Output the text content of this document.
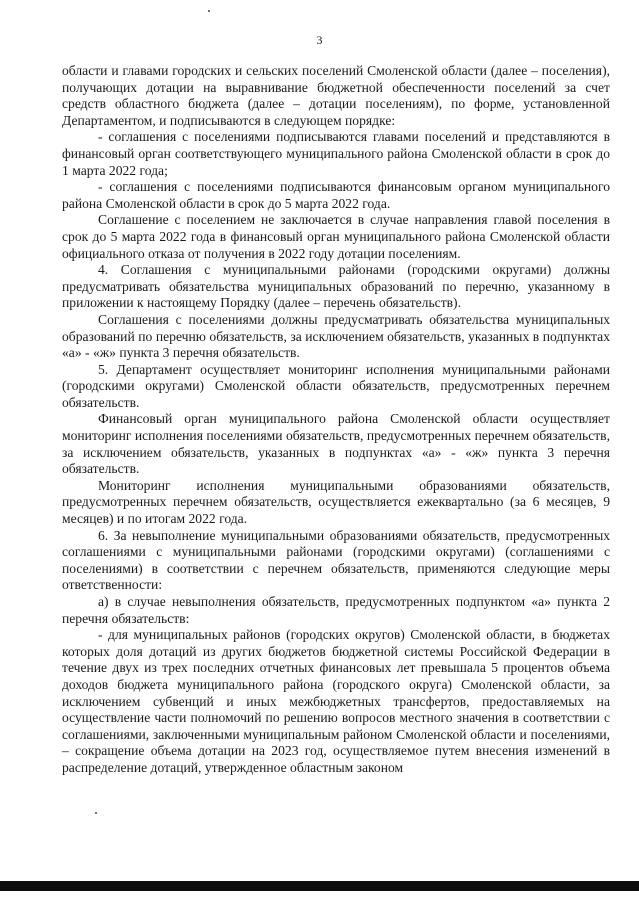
3

области и главами городских и сельских поселений Смоленской области (далее – поселения), получающих дотации на выравнивание бюджетной обеспеченности поселений за счет средств областного бюджета (далее – дотации поселениям), по форме, установленной Департаментом, и подписываются в следующем порядке:

- соглашения с поселениями подписываются главами поселений и представляются в финансовый орган соответствующего муниципального района Смоленской области в срок до 1 марта 2022 года;

- соглашения с поселениями подписываются финансовым органом муниципального района Смоленской области в срок до 5 марта 2022 года.

Соглашение с поселением не заключается в случае направления главой поселения в срок до 5 марта 2022 года в финансовый орган муниципального района Смоленской области официального отказа от получения в 2022 году дотации поселениям.

4. Соглашения с муниципальными районами (городскими округами) должны предусматривать обязательства муниципальных образований по перечню, указанному в приложении к настоящему Порядку (далее – перечень обязательств).

Соглашения с поселениями должны предусматривать обязательства муниципальных образований по перечню обязательств, за исключением обязательств, указанных в подпунктах «а» - «ж» пункта 3 перечня обязательств.

5. Департамент осуществляет мониторинг исполнения муниципальными районами (городскими округами) Смоленской области обязательств, предусмотренных перечнем обязательств.

Финансовый орган муниципального района Смоленской области осуществляет мониторинг исполнения поселениями обязательств, предусмотренных перечнем обязательств, за исключением обязательств, указанных в подпунктах «а» - «ж» пункта 3 перечня обязательств.

Мониторинг исполнения муниципальными образованиями обязательств, предусмотренных перечнем обязательств, осуществляется ежеквартально (за 6 месяцев, 9 месяцев) и по итогам 2022 года.

6. За невыполнение муниципальными образованиями обязательств, предусмотренных соглашениями с муниципальными районами (городскими округами) (соглашениями с поселениями) в соответствии с перечнем обязательств, применяются следующие меры ответственности:

а) в случае невыполнения обязательств, предусмотренных подпунктом «а» пункта 2 перечня обязательств:

- для муниципальных районов (городских округов) Смоленской области, в бюджетах которых доля дотаций из других бюджетов бюджетной системы Российской Федерации в течение двух из трех последних отчетных финансовых лет превышала 5 процентов объема доходов бюджета муниципального района (городского округа) Смоленской области, за исключением субвенций и иных межбюджетных трансфертов, предоставляемых на осуществление части полномочий по решению вопросов местного значения в соответствии с соглашениями, заключенными муниципальным районом Смоленской области и поселениями, – сокращение объема дотации на 2023 год, осуществляемое путем внесения изменений в распределение дотаций, утвержденное областным законом
